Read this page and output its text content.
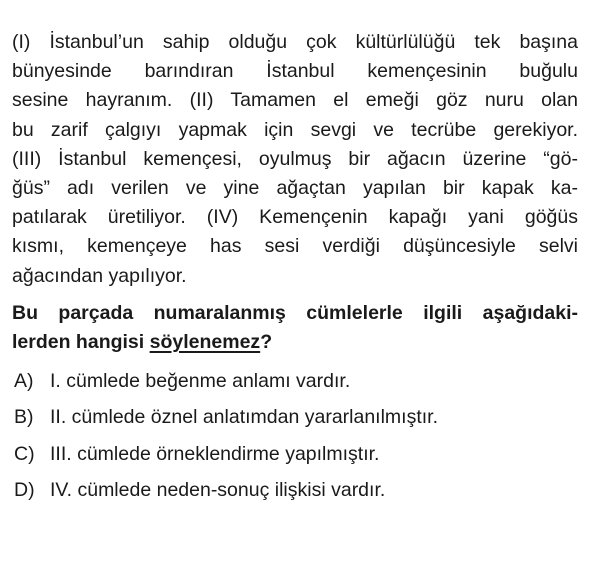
(I) İstanbul’un sahip olduğu çok kültürlülüğü tek başına
bünyesinde barındıran İstanbul kemençesinin buğulu
sesine hayranım. (II) Tamamen el emeği göz nuru olan
bu zarif çalgıyı yapmak için sevgi ve tecrübe gerekiyor.
(III) İstanbul kemençesi, oyulmuş bir ağacın üzerine “gö-
ğüs” adı verilen ve yine ağaçtan yapılan bir kapak ka-
patılarak üretiliyor. (IV) Kemençenin kapağı yani göğüs
kısmı, kemençeye has sesi verdiği düşüncesiyle selvi
ağacından yapılıyor.
Bu parçada numaralanmış cümlelerle ilgili aşağıdaki-
lerden hangisi söylenemez?
A) I. cümlede beğenme anlamı vardır.
B) II. cümlede öznel anlatımdan yararlanılmıştır.
C) III. cümlede örneklendirme yapılmıştır.
D) IV. cümlede neden-sonuç ilişkisi vardır.
